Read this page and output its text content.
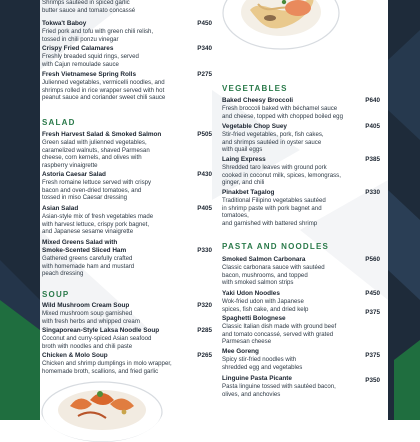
Shrimps sauteed in spiced garlic
butter sauce and tomato concassé
Tokwa't Baboy
Fried pork and tofu with green chili relish,
tossed in chili ponzu vinegar
P450
Crispy Fried Calamares
Freshly breaded squid rings, served
with Cajun remoulade sauce
P340
Fresh Vietnamese Spring Rolls
Julienned vegetables, vermicelli noodles, and
shrimps rolled in rice wrapper served with hot
peanut sauce and coriander sweet chili sauce
P275
SALAD
Fresh Harvest Salad & Smoked Salmon
Green salad with julienned vegetables,
caramelized walnuts, shaved Parmesan
cheese, corn kernels, and olives with
raspberry vinaigrette
P505
Astoria Caesar Salad
Fresh romaine lettuce served with crispy
bacon and oven-dried tomatoes, and
tossed in miso Caesar dressing
P430
Asian Salad
Asian-style mix of fresh vegetables made
with harvest lettuce, crispy pork bagnet,
and Japanese sesame vinaigrette
P405
Mixed Greens Salad with
Smoke-Scented Sliced Ham
Gathered greens carefully crafted
with homemade ham and mustard
peach dressing
P330
SOUP
Wild Mushroom Cream Soup
Mixed mushroom soup garnished
with fresh herbs and whipped cream
P320
Singaporean-Style Laksa Noodle Soup
Coconut and curry-spiced Asian seafood
broth with noodles and chili paste
P285
Chicken & Molo Soup
Chicken and shrimp dumplings in molo wrapper,
homemade broth, scallions, and fried garlic
P265
VEGETABLES
Baked Cheesy Broccoli
Fresh broccoli baked with béchamel sauce
and cheese, topped with chopped boiled egg
P640
Vegetable Chop Suey
Stir-fried vegetables, pork, fish cakes,
and shrimps sautéed in oyster sauce
with quail eggs
P405
Laing Express
Shredded taro leaves with ground pork
cooked in coconut milk, spices, lemongrass,
ginger, and chili
P385
Pinakbet Tagalog
Traditional Filipino vegetables sautéed
in shrimp paste with pork bagnet and tomatoes,
and garnished with battered shrimp
P330
PASTA AND NOODLES
Smoked Salmon Carbonara
Classic carbonara sauce with sautéed
bacon, mushrooms, and topped
with smoked salmon strips
P560
Yaki Udon Noodles
Wok-fried udon with Japanese
spices, fish cake, and dried kelp
P450
Spaghetti Bolognese
Classic Italian dish made with ground beef
and tomato concassé, served with grated
Parmesan cheese
P375
Mee Goreng
Spicy stir-fried noodles with
shredded egg and vegetables
P375
Linguine Pasta Picante
Pasta linguine tossed with sautéed bacon,
olives, and anchovies
P350
